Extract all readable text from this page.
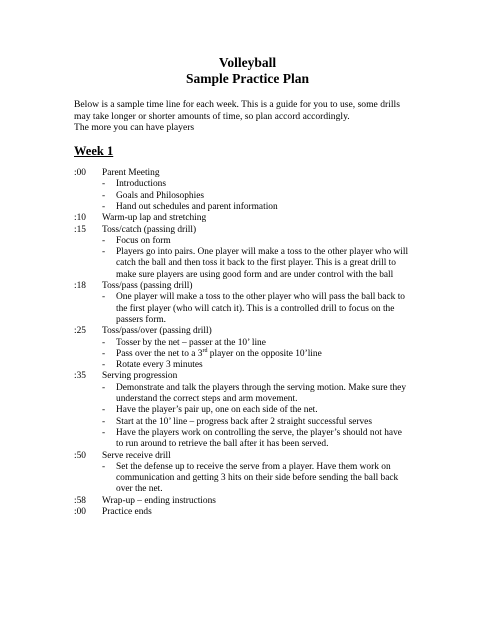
Volleyball
Sample Practice Plan
Below is a sample time line for each week. This is a guide for you to use, some drills
may take longer or shorter amounts of time, so plan accord accordingly.
The more you can have players
Week 1
:00 Parent Meeting
- Introductions
- Goals and Philosophies
- Hand out schedules and parent information
:10 Warm-up lap and stretching
:15 Toss/catch (passing drill)
- Focus on form
- Players go into pairs. One player will make a toss to the other player who will
catch the ball and then toss it back to the first player. This is a great drill to
make sure players are using good form and are under control with the ball
:18 Toss/pass (passing drill)
- One player will make a toss to the other player who will pass the ball back to
the first player (who will catch it). This is a controlled drill to focus on the
passers form.
:25 Toss/pass/over (passing drill)
- Tosser by the net – passer at the 10’ line
- Pass over the net to a 3rd player on the opposite 10’line
- Rotate every 3 minutes
:35 Serving progression
- Demonstrate and talk the players through the serving motion. Make sure they
understand the correct steps and arm movement.
- Have the player’s pair up, one on each side of the net.
- Start at the 10’ line – progress back after 2 straight successful serves
- Have the players work on controlling the serve, the player’s should not have
to run around to retrieve the ball after it has been served.
:50 Serve receive drill
- Set the defense up to receive the serve from a player. Have them work on
communication and getting 3 hits on their side before sending the ball back
over the net.
:58 Wrap-up – ending instructions
:00 Practice ends
